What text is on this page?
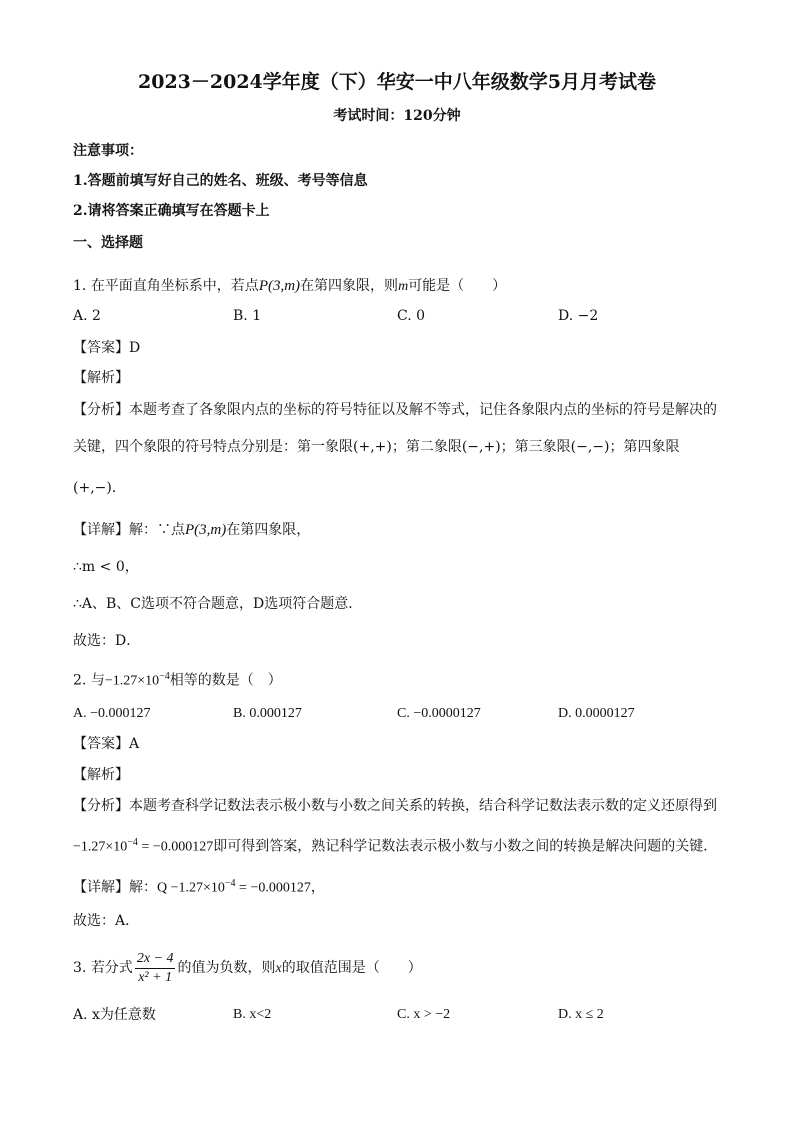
2023－2024学年度（下）华安一中八年级数学5月月考试卷
考试时间：120分钟
注意事项：
1.答题前填写好自己的姓名、班级、考号等信息
2.请将答案正确填写在答题卡上
一、选择题
1. 在平面直角坐标系中，若点P(3,m)在第四象限，则m可能是（　　）
A. 2	B. 1	C. 0	D. −2
【答案】D
【解析】
【分析】本题考查了各象限内点的坐标的符号特征以及解不等式，记住各象限内点的坐标的符号是解决的
关键，四个象限的符号特点分别是：第一象限(+,+)；第二象限(−,+)；第三象限(−,−)；第四象限
(+,−)．
【详解】解：∵点P(3,m)在第四象限，
∴m < 0，
∴A、B、C选项不符合题意，D选项符合题意．
故选：D．
2. 与$-1.27\times 10^{-4}$相等的数是（　）
A. −0.000127	B. 0.000127	C. −0.0000127	D. 0.0000127
【答案】A
【解析】
【分析】本题考查科学记数法表示极小数与小数之间关系的转换，结合科学记数法表示数的定义还原得到
$-1.27\times 10^{-4} = -0.000127$即可得到答案，熟记科学记数法表示极小数与小数之间的转换是解决问题的关键．
【详解】解：$Q -1.27\times 10^{-4} = -0.000127$，
故选：A．
3. 若分式 $\frac{2x - 4}{\text{x² + 1}}$ 的值为负数，则x的取值范围是（　　）
A. x为任意数	B. x<2	C. x > −2	D. x ≤ 2
